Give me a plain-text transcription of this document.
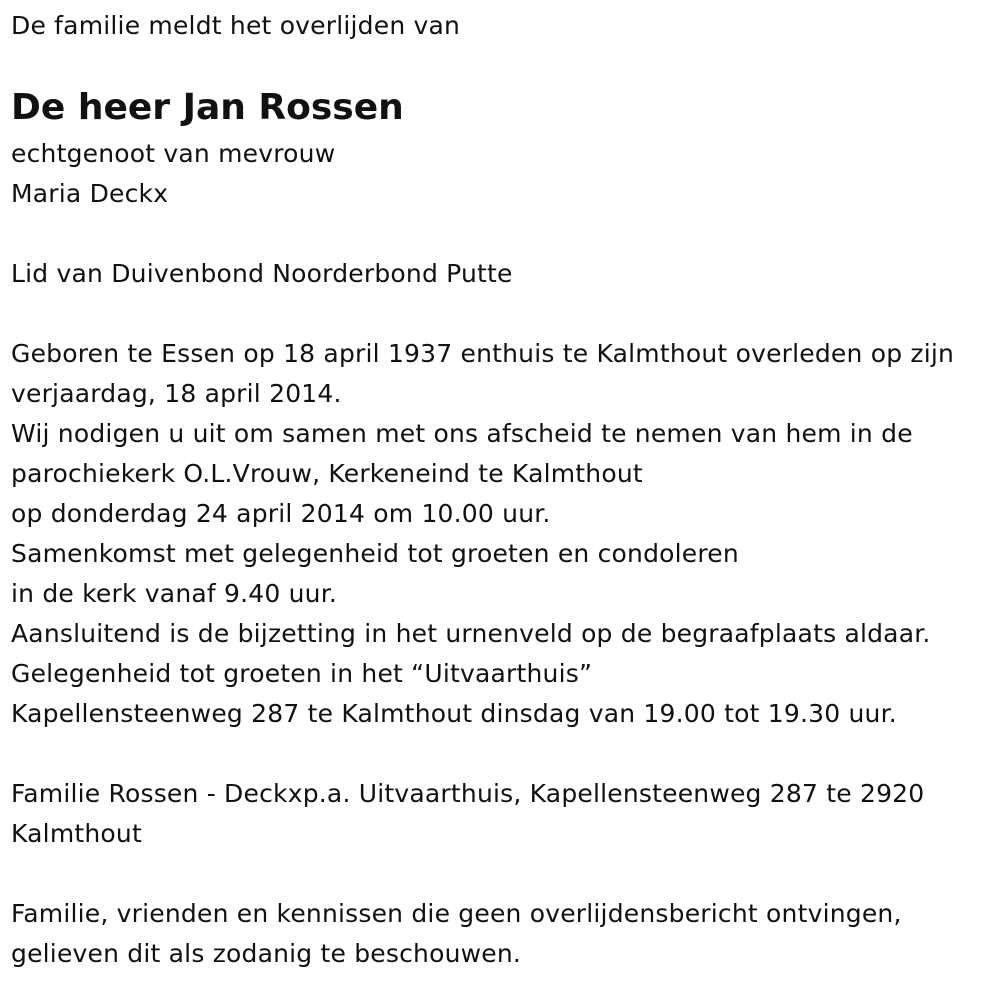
De familie meldt het overlijden van
De heer Jan Rossen
echtgenoot van mevrouw
Maria Deckx
Lid van Duivenbond Noorderbond Putte
Geboren te Essen op 18 april 1937 enthuis te Kalmthout overleden op zijn
verjaardag, 18 april 2014.
Wij nodigen u uit om samen met ons afscheid te nemen van hem in de
parochiekerk O.L.Vrouw, Kerkeneind te Kalmthout
op donderdag 24 april 2014 om 10.00 uur.
Samenkomst met gelegenheid tot groeten en condoleren
in de kerk vanaf 9.40 uur.
Aansluitend is de bijzetting in het urnenveld op de begraafplaats aldaar.
Gelegenheid tot groeten in het “Uitvaarthuis”
Kapellensteenweg 287 te Kalmthout dinsdag van 19.00 tot 19.30 uur.
Familie Rossen - Deckxp.a. Uitvaarthuis, Kapellensteenweg 287 te 2920
Kalmthout
Familie, vrienden en kennissen die geen overlijdensbericht ontvingen,
gelieven dit als zodanig te beschouwen.
